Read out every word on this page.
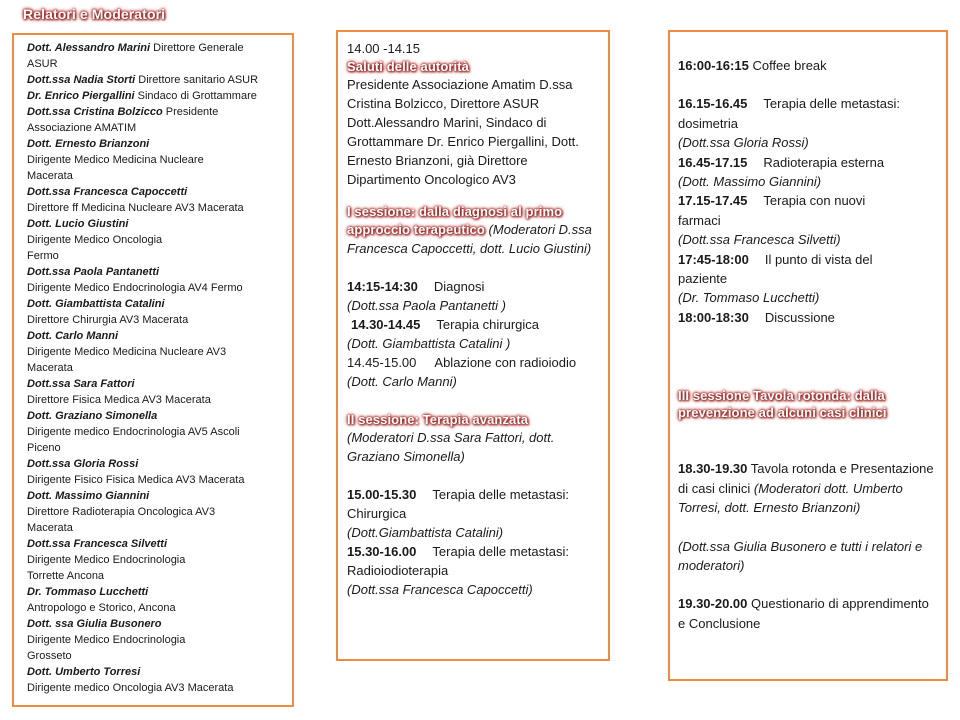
Relatori e Moderatori
Dott. Alessandro Marini Direttore Generale
ASUR
Dott.ssa Nadia Storti Direttore sanitario ASUR
Dr. Enrico Piergallini Sindaco di Grottammare
Dott.ssa Cristina Bolzicco Presidente
Associazione AMATIM
Dott. Ernesto Brianzoni
Dirigente Medico Medicina Nucleare
Macerata
Dott.ssa Francesca Capoccetti
Direttore ff Medicina Nucleare AV3 Macerata
Dott. Lucio Giustini
Dirigente Medico Oncologia
Fermo
Dott.ssa Paola Pantanetti
Dirigente Medico Endocrinologia AV4 Fermo
Dott. Giambattista Catalini
Direttore Chirurgia AV3 Macerata
Dott. Carlo Manni
Dirigente Medico Medicina Nucleare AV3
Macerata
Dott.ssa Sara Fattori
Direttore Fisica Medica AV3 Macerata
Dott. Graziano Simonella
Dirigente medico Endocrinologia AV5 Ascoli
Piceno
Dott.ssa Gloria Rossi
Dirigente Fisico Fisica Medica AV3 Macerata
Dott. Massimo Giannini
Direttore Radioterapia Oncologica AV3
Macerata
Dott.ssa Francesca Silvetti
Dirigente Medico Endocrinologia
Torrette Ancona
Dr. Tommaso Lucchetti
Antropologo e Storico, Ancona
Dott. ssa Giulia Busonero
Dirigente Medico Endocrinologia
Grosseto
Dott. Umberto Torresi
Dirigente medico Oncologia AV3 Macerata

14.00 -14.15

Saluti delle autorità

Presidente Associazione Amatim D.ssa Cristina Bolzicco, Direttore ASUR Dott.Alessandro Marini, Sindaco di Grottammare Dr. Enrico Piergallini, Dott. Ernesto Brianzoni, già Direttore Dipartimento Oncologico AV3

I sessione: dalla diagnosi al primo

approccio terapeutico (Moderatori D.ssa Francesca Capoccetti, dott. Lucio Giustini)

14:15-14:30 Diagnosi

(Dott.ssa Paola Pantanetti )

14.30-14.45 Terapia chirurgica

(Dott. Giambattista Catalini )

14.45-15.00 Ablazione con radioiodio (Dott. Carlo Manni)

II sessione: Terapia avanzata

(Moderatori D.ssa Sara Fattori, dott. Graziano Simonella)

15.00-15.30 Terapia delle metastasi:

Chirurgica

(Dott.Giambattista Catalini)

15.30-16.00 Terapia delle metastasi:

Radioiodioterapia

(Dott.ssa Francesca Capoccetti)

16:00-16:15 Coffee break

16.15-16.45 Terapia delle metastasi:

dosimetria

(Dott.ssa Gloria Rossi)

16.45-17.15 Radioterapia esterna

(Dott. Massimo Giannini)

17.15-17.45 Terapia con nuovi

farmaci

(Dott.ssa Francesca Silvetti)

17:45-18:00 Il punto di vista del

paziente

(Dr. Tommaso Lucchetti)

18:00-18:30 Discussione

III sessione Tavola rotonda: dalla

prevenzione ad alcuni casi clinici

18.30-19.30 Tavola rotonda e Presentazione di casi clinici (Moderatori dott. Umberto Torresi, dott. Ernesto Brianzoni)

(Dott.ssa Giulia Busonero e tutti i relatori e moderatori)

19.30-20.00 Questionario di apprendimento e Conclusione
